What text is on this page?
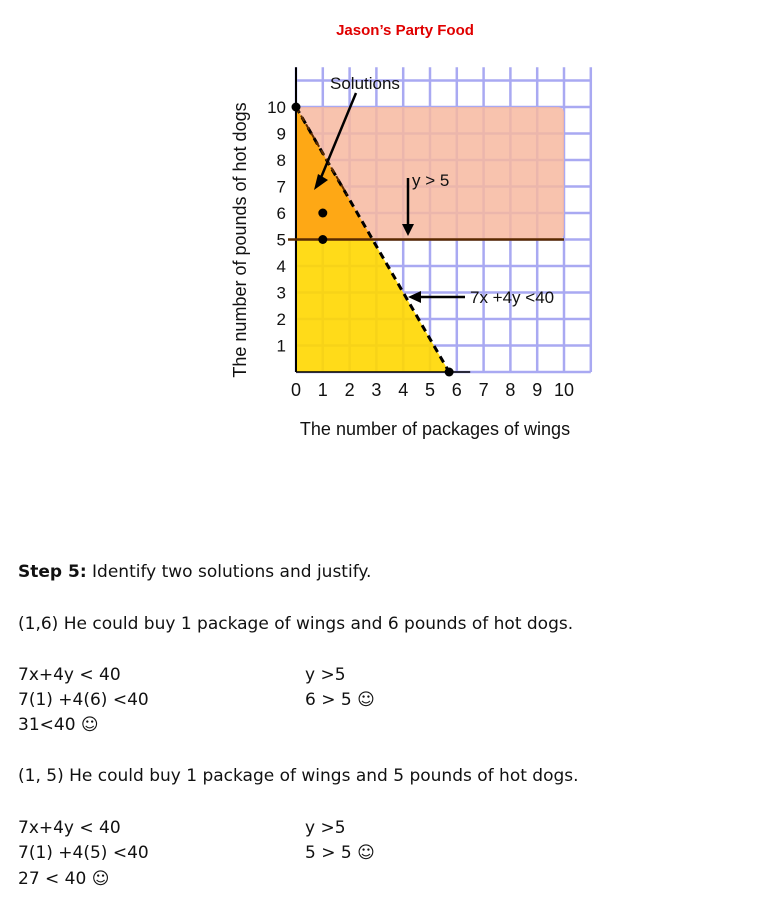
Jason’s Party Food
Solutions
y > 5
7x +4y <40
0 1 2 3 4 5 6 7 8 9 10
1
2
3
4
5
6
7
8
9
10
The number of packages of wings
The number of pounds of hot dogs
Step 5: Identify two solutions and justify.
(1,6) He could buy 1 package of wings and 6 pounds of hot dogs.
7x+4y < 40
7(1) +4(6) <40
31<40 ☺
y >5
6 > 5 ☺
(1, 5) He could buy 1 package of wings and 5 pounds of hot dogs.
7x+4y < 40
7(1) +4(5) <40
27 < 40 ☺
y >5
5 > 5 ☺
